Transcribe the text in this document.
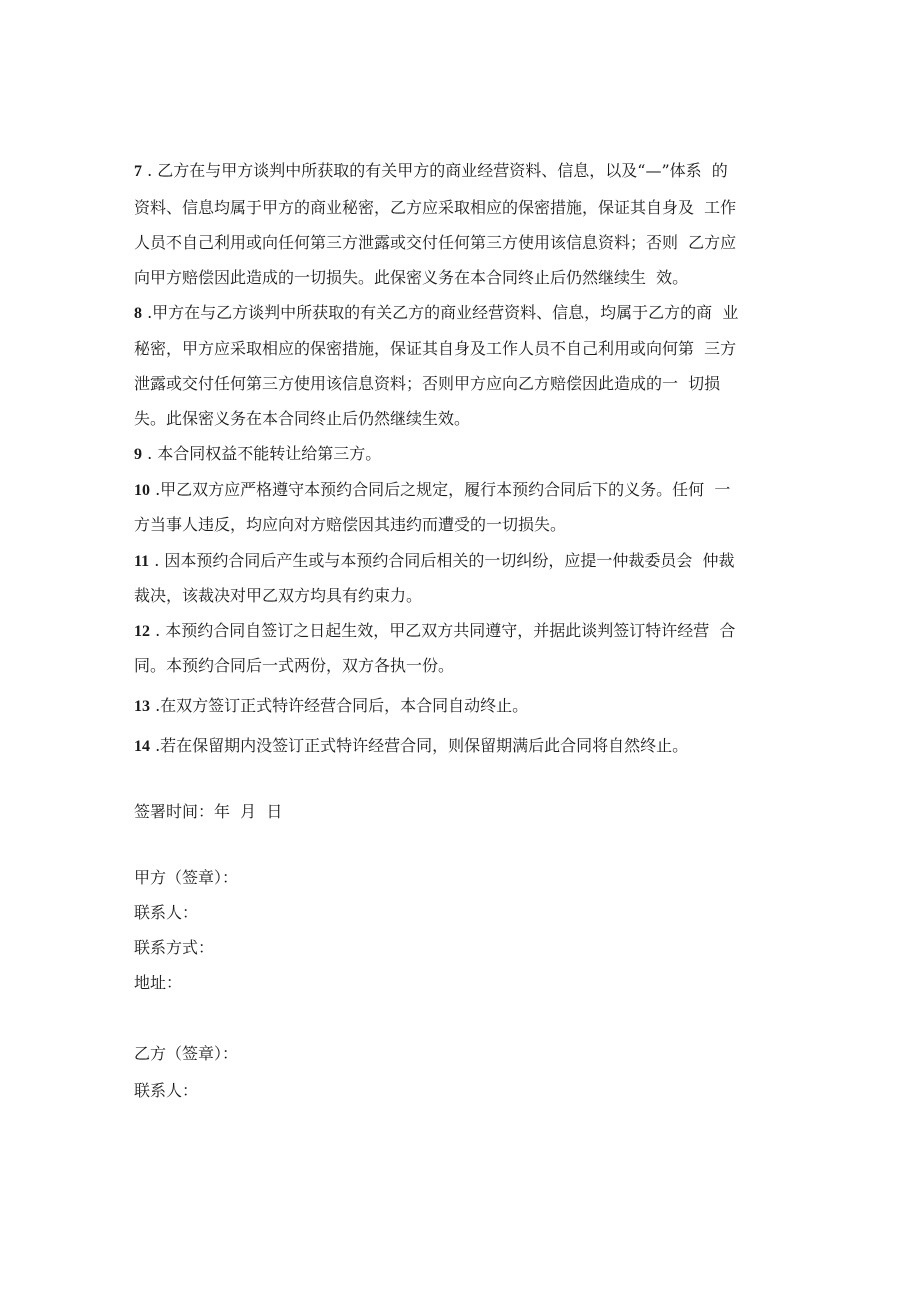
7 . 乙方在与甲方谈判中所获取的有关甲方的商业经营资料、信息，以及“—”体系  的
资料、信息均属于甲方的商业秘密，乙方应采取相应的保密措施，保证其自身及  工作
人员不自己利用或向任何第三方泄露或交付任何第三方使用该信息资料；否则  乙方应
向甲方赔偿因此造成的一切损失。此保密义务在本合同终止后仍然继续生  效。
8 .甲方在与乙方谈判中所获取的有关乙方的商业经营资料、信息，均属于乙方的商  业
秘密，甲方应采取相应的保密措施，保证其自身及工作人员不自己利用或向何第  三方
泄露或交付任何第三方使用该信息资料；否则甲方应向乙方赔偿因此造成的一  切损
失。此保密义务在本合同终止后仍然继续生效。
9 . 本合同权益不能转让给第三方。
10 .甲乙双方应严格遵守本预约合同后之规定，履行本预约合同后下的义务。任何  一
方当事人违反，均应向对方赔偿因其违约而遭受的一切损失。
11 . 因本预约合同后产生或与本预约合同后相关的一切纠纷，应提一仲裁委员会  仲裁
裁决，该裁决对甲乙双方均具有约束力。
12 . 本预约合同自签订之日起生效，甲乙双方共同遵守，并据此谈判签订特许经营  合
同。本预约合同后一式两份，双方各执一份。
13 .在双方签订正式特许经营合同后，本合同自动终止。
14 .若在保留期内没签订正式特许经营合同，则保留期满后此合同将自然终止。
签署时间：年  月  日
甲方（签章）：
联系人：
联系方式：
地址：
乙方（签章）：
联系人：
